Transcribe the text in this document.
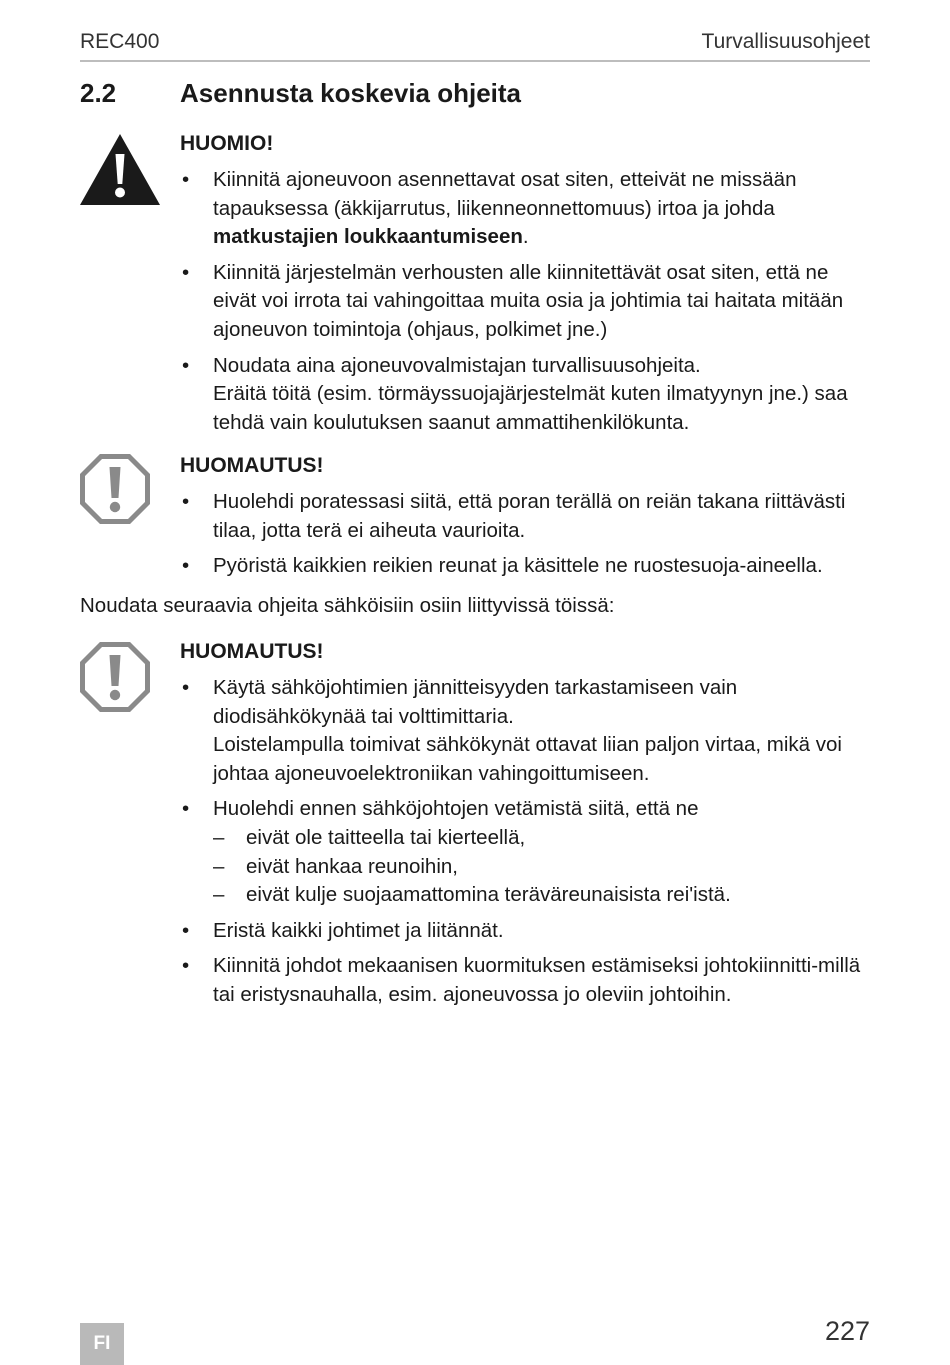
REC400	Turvallisuusohjeet
2.2 Asennusta koskevia ohjeita
HUOMIO!
• Kiinnitä ajoneuvoon asennettavat osat siten, etteivät ne missään tapauksessa (äkkijarrutus, liikenneonnettomuus) irtoa ja johda matkustajien loukkaantumiseen.
• Kiinnitä järjestelmän verhousten alle kiinnitettävät osat siten, että ne eivät voi irrota tai vahingoittaa muita osia ja johtimia tai haitata mitään ajoneuvon toimintoja (ohjaus, polkimet jne.)
• Noudata aina ajoneuvovalmistajan turvallisuusohjeita.
Eräitä töitä (esim. törmäyssuojajärjestelmät kuten ilmatyynyn jne.) saa tehdä vain koulutuksen saanut ammattihenkilökunta.
HUOMAUTUS!
• Huolehdi poratessasi siitä, että poran terällä on reiän takana riittävästi tilaa, jotta terä ei aiheuta vaurioita.
• Pyöristä kaikkien reikien reunat ja käsittele ne ruostesuoja-aineella.
Noudata seuraavia ohjeita sähköisiin osiin liittyvissä töissä:
HUOMAUTUS!
• Käytä sähköjohtimien jännitteisyyden tarkastamiseen vain diodisähkökynää tai volttimittaria.
Loistelampulla toimivat sähkökynät ottavat liian paljon virtaa, mikä voi johtaa ajoneuvoelektroniikan vahingoittumiseen.
• Huolehdi ennen sähköjohtojen vetämistä siitä, että ne
– eivät ole taitteella tai kierteellä,
– eivät hankaa reunoihin,
– eivät kulje suojaamattomina teräväreunaisista rei'istä.
• Eristä kaikki johtimet ja liitännät.
• Kiinnitä johdot mekaanisen kuormituksen estämiseksi johtokiinnitti-millä tai eristysnauhalla, esim. ajoneuvossa jo oleviin johtoihin.
FI	227
